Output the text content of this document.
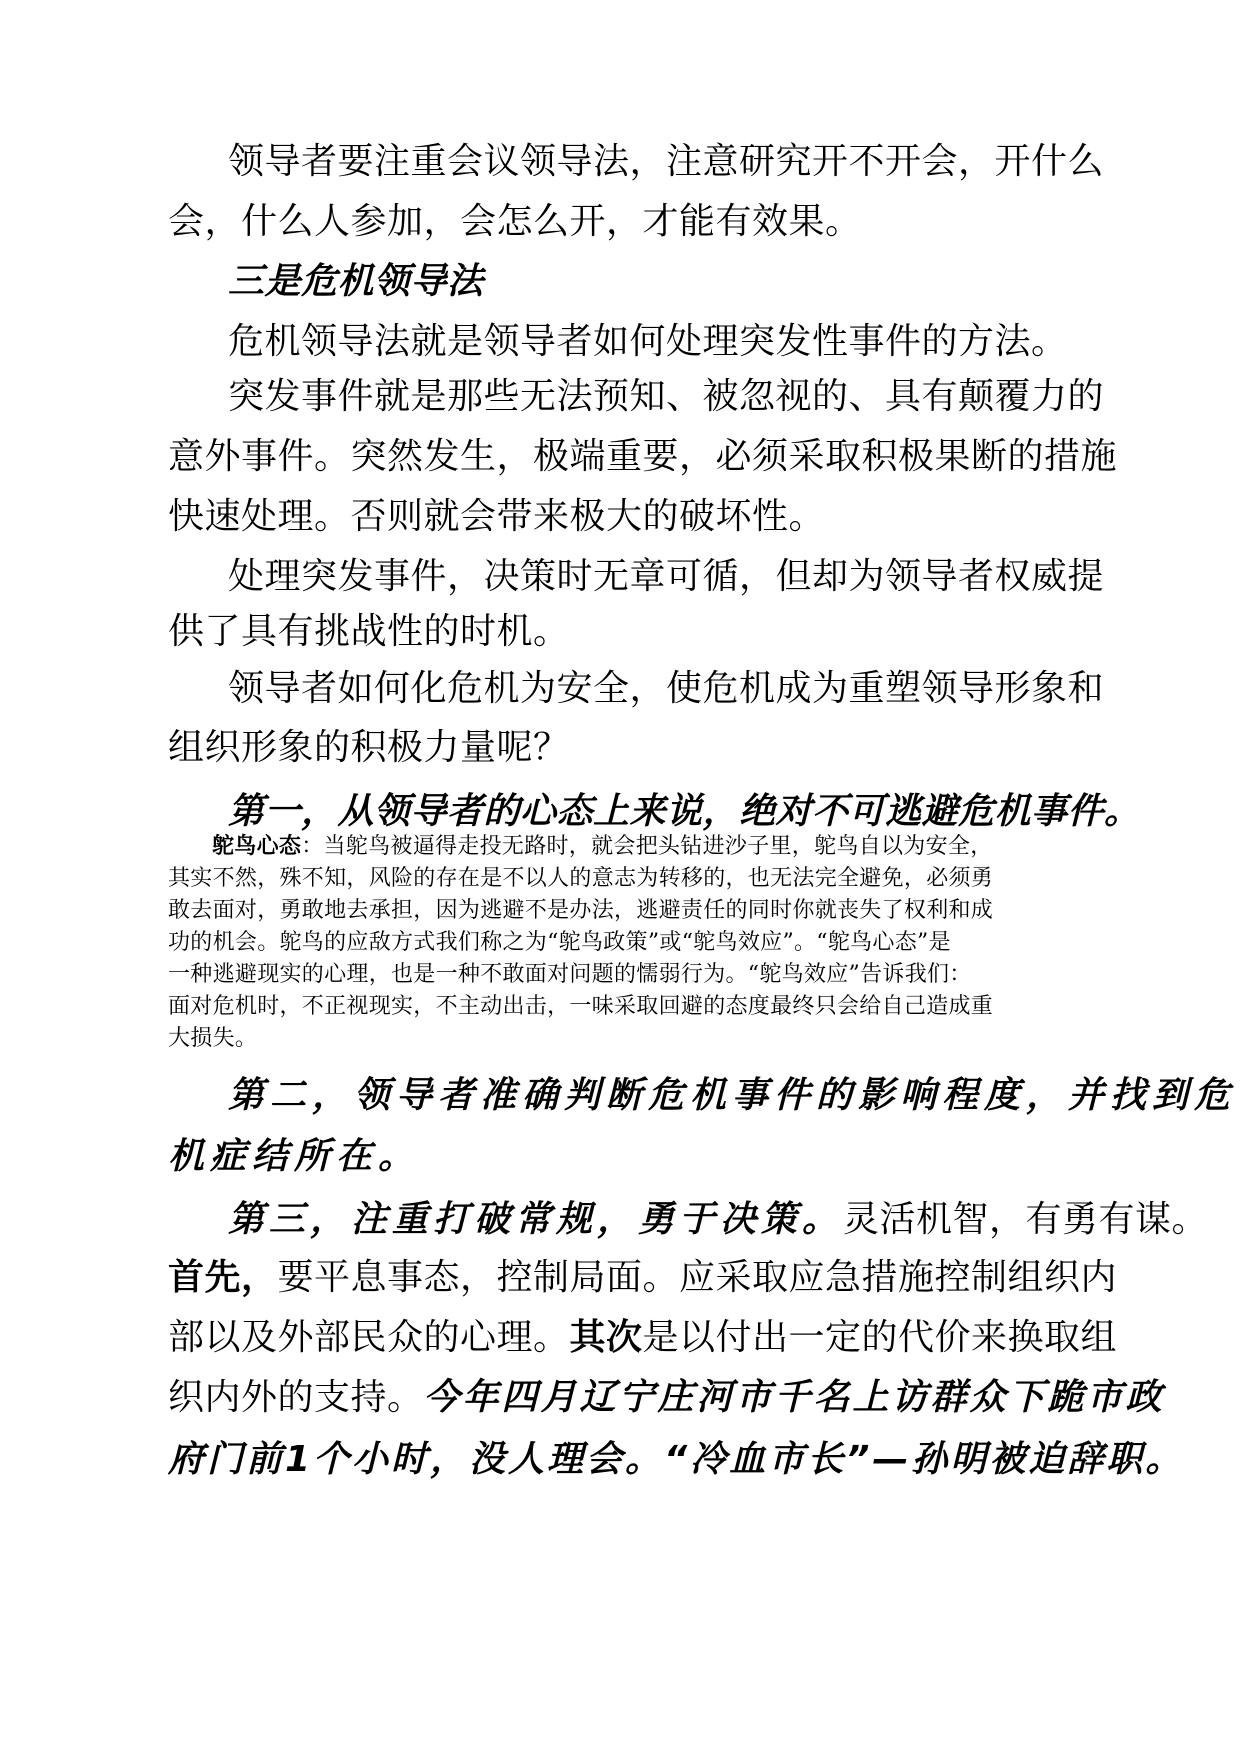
领导者要注重会议领导法，注意研究开不开会，开什么

会，什么人参加，会怎么开，才能有效果。

三是危机领导法

危机领导法就是领导者如何处理突发性事件的方法。

突发事件就是那些无法预知、被忽视的、具有颠覆力的

意外事件。突然发生，极端重要，必须采取积极果断的措施

快速处理。否则就会带来极大的破坏性。

处理突发事件，决策时无章可循，但却为领导者权威提

供了具有挑战性的时机。

领导者如何化危机为安全，使危机成为重塑领导形象和

组织形象的积极力量呢？

第一，从领导者的心态上来说，绝对不可逃避危机事件。

鸵鸟心态：当鸵鸟被逼得走投无路时，就会把头钻进沙子里，鸵鸟自以为安全，

其实不然，殊不知，风险的存在是不以人的意志为转移的，也无法完全避免，必须勇

敢去面对，勇敢地去承担，因为逃避不是办法，逃避责任的同时你就丧失了权利和成

功的机会。鸵鸟的应敌方式我们称之为“鸵鸟政策”或“鸵鸟效应”。“鸵鸟心态”是

一种逃避现实的心理，也是一种不敢面对问题的懦弱行为。“鸵鸟效应”告诉我们：

面对危机时，不正视现实，不主动出击，一味采取回避的态度最终只会给自己造成重

大损失。

第二，领导者准确判断危机事件的影响程度，并找到危

机症结所在。

第三，注重打破常规，勇于决策。灵活机智，有勇有谋。

首先，要平息事态，控制局面。应采取应急措施控制组织内

部以及外部民众的心理。其次是以付出一定的代价来换取组

织内外的支持。今年四月辽宁庄河市千名上访群众下跪市政

府门前1个小时，没人理会。“冷血市长”—孙明被迫辞职。
